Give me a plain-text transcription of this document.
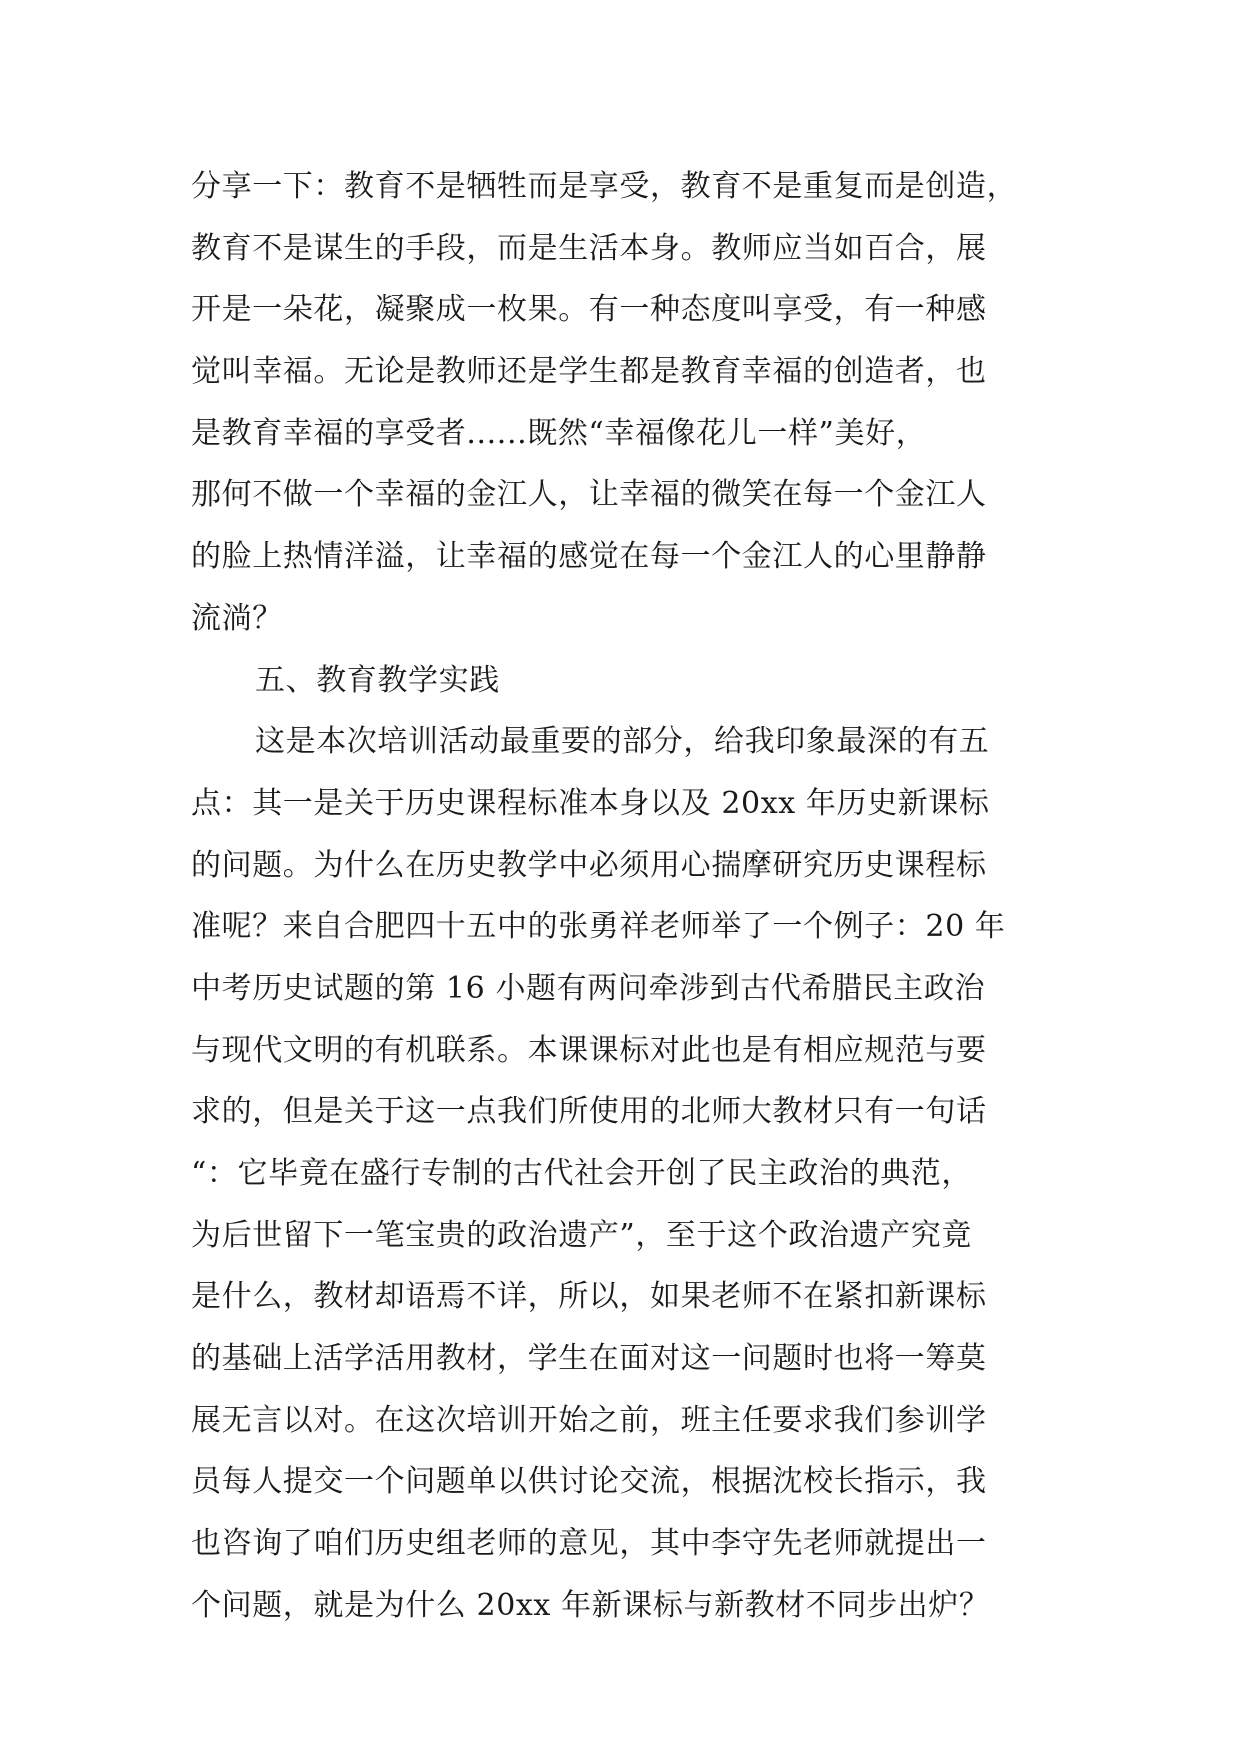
分享一下：教育不是牺牲而是享受，教育不是重复而是创造，
教育不是谋生的手段，而是生活本身。教师应当如百合，展
开是一朵花，凝聚成一枚果。有一种态度叫享受，有一种感
觉叫幸福。无论是教师还是学生都是教育幸福的创造者，也
是教育幸福的享受者......既然“幸福像花儿一样”美好，
那何不做一个幸福的金江人，让幸福的微笑在每一个金江人
的脸上热情洋溢，让幸福的感觉在每一个金江人的心里静静
流淌？
五、教育教学实践
这是本次培训活动最重要的部分，给我印象最深的有五
点：其一是关于历史课程标准本身以及 20xx 年历史新课标
的问题。为什么在历史教学中必须用心揣摩研究历史课程标
准呢？来自合肥四十五中的张勇祥老师举了一个例子：20 年
中考历史试题的第 16 小题有两问牵涉到古代希腊民主政治
与现代文明的有机联系。本课课标对此也是有相应规范与要
求的，但是关于这一点我们所使用的北师大教材只有一句话
“：它毕竟在盛行专制的古代社会开创了民主政治的典范，
为后世留下一笔宝贵的政治遗产”，至于这个政治遗产究竟
是什么，教材却语焉不详，所以，如果老师不在紧扣新课标
的基础上活学活用教材，学生在面对这一问题时也将一筹莫
展无言以对。在这次培训开始之前，班主任要求我们参训学
员每人提交一个问题单以供讨论交流，根据沈校长指示，我
也咨询了咱们历史组老师的意见，其中李守先老师就提出一
个问题，就是为什么 20xx 年新课标与新教材不同步出炉？
